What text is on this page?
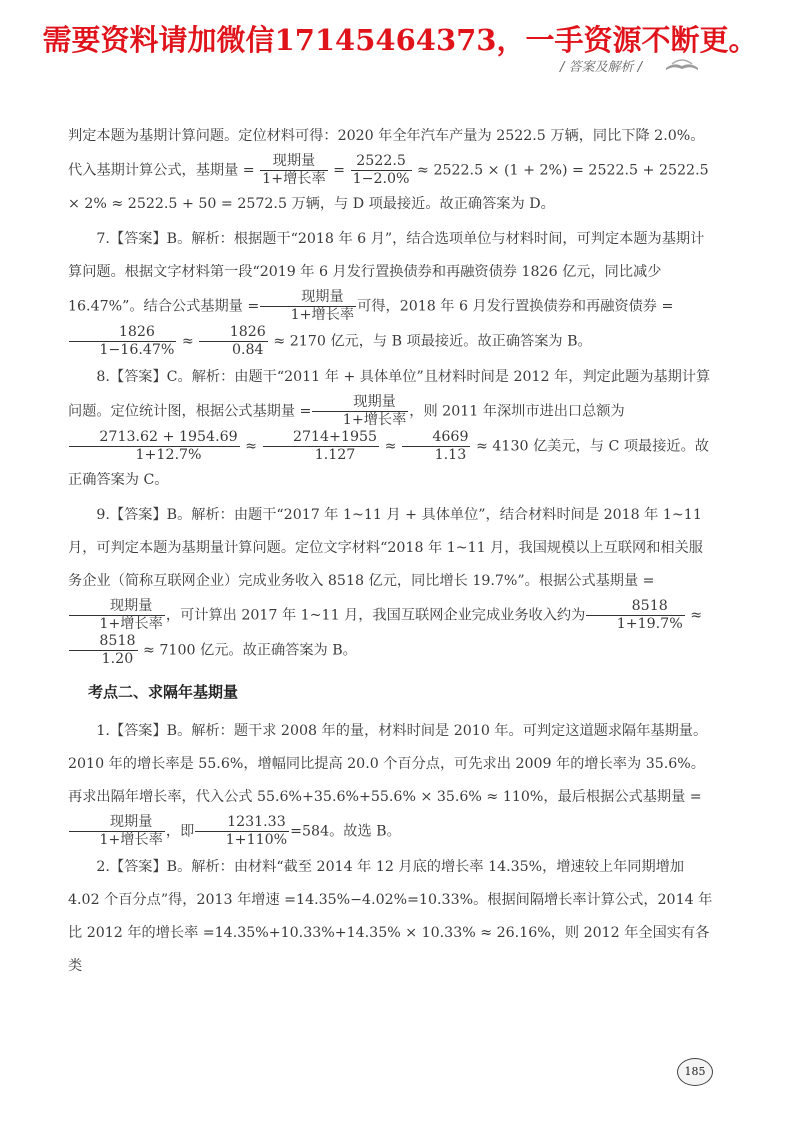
需要资料请加微信17145464373，一手资源不断更。
/ 答案及解析 /

判定本题为基期计算问题。定位材料可得：2020 年全年汽车产量为 2522.5 万辆，同比下降 2.0%。代入基期计算公式，基期量 = $\frac{\text{现期量}}{\text{1+增长率}} = \frac{2522.5}{1-2.0\%} \approx 2522.5 \times (1 + 2\%) = 2522.5 + 2522.5 \times 2\% \approx 2522.5 + 50 = 2572.5$ 万辆，与 D 项最接近。故正确答案为 D。

7.【答案】B。解析：根据题干“2018 年 6 月”，结合选项单位与材料时间，可判定本题为基期计算问题。根据文字材料第一段“2019 年 6 月发行置换债券和再融资债券 1826 亿元，同比减少 16.47%”。结合公式基期量 = $\frac{\text{现期量}}{\text{1+增长率}}$ 可得，2018 年 6 月发行置换债券和再融资债券 =
$\frac{1826}{1-16.47\%} \approx \frac{1826}{0.84} \approx 2170$ 亿元，与 B 项最接近。故正确答案为 B。

8.【答案】C。解析：由题干“2011 年 + 具体单位”且材料时间是 2012 年，判定此题为基期计算问题。定位统计图，根据公式基期量 = $\frac{\text{现期量}}{\text{1+增长率}}$ ，则 2011 年深圳市进出口总额为
$\frac{2713.62 + 1954.69}{1+12.7\%} \approx \frac{2714+1955}{1.127} \approx \frac{4669}{1.13} \approx 4130$ 亿美元，与 C 项最接近。故正确答案为 C。

9.【答案】B。解析：由题干“2017 年 1~11 月 + 具体单位”，结合材料时间是 2018 年 1~11 月，可判定本题为基期量计算问题。定位文字材料“2018 年 1~11 月，我国规模以上互联网和相关服务企业（简称互联网企业）完成业务收入 8518 亿元，同比增长 19.7%”。根据公式基期量 =
$\frac{\text{现期量}}{\text{1+增长率}}$ ，可计算出 2017 年 1~11 月，我国互联网企业完成业务收入约为 $\frac{8518}{1+19.7\%}$ ≈
$\frac{8518}{1.20} \approx 7100$ 亿元。故正确答案为 B。

考点二、求隔年基期量

1.【答案】B。解析：题干求 2008 年的量，材料时间是 2010 年。可判定这道题求隔年基期量。2010 年的增长率是 55.6%，增幅同比提高 20.0 个百分点，可先求出 2009 年的增长率为 35.6%。再求出隔年增长率，代入公式 55.6%+35.6%+55.6% × 35.6% ≈ 110%，最后根据公式基期量 =
$\frac{\text{现期量}}{\text{1+增长率}}$ ，即 $\frac{1231.33}{1+110\%} =584$。故选 B。

2.【答案】B。解析：由材料“截至 2014 年 12 月底的增长率 14.35%，增速较上年同期增加 4.02 个百分点”得，2013 年增速 =14.35%−4.02%=10.33%。根据间隔增长率计算公式，2014 年比 2012 年的增长率 =14.35%+10.33%+14.35% × 10.33% ≈ 26.16%，则 2012 年全国实有各类

185
